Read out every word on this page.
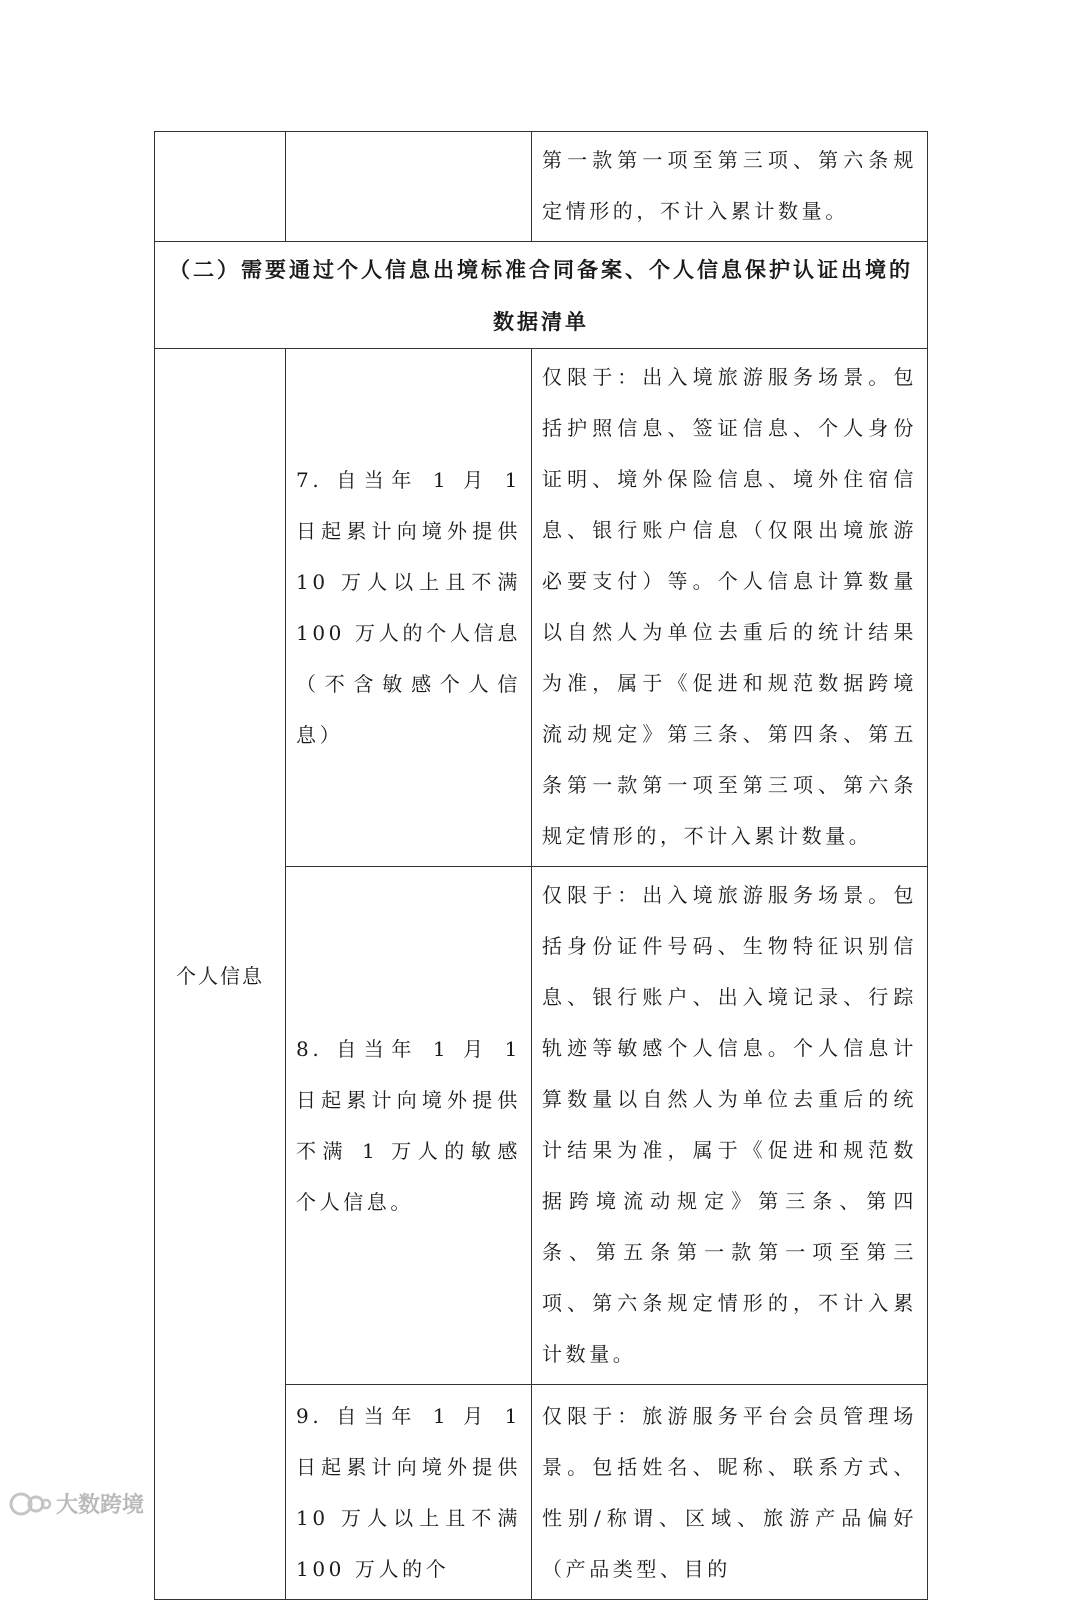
		第一款第一项至第三项、第六条规定情形的，不计入累计数量。

（二）需要通过个人信息出境标准合同备案、个人信息保护认证出境的数据清单		

个人信息	7. 自当年 1 月 1 日起累计向境外提供 10 万人以上且不满 100 万人的个人信息（不含敏感个人信息）	仅限于：出入境旅游服务场景。包括护照信息、签证信息、个人身份证明、境外保险信息、境外住宿信息、银行账户信息（仅限出境旅游必要支付）等。个人信息计算数量以自然人为单位去重后的统计结果为准，属于《促进和规范数据跨境流动规定》第三条、第四条、第五条第一款第一项至第三项、第六条规定情形的，不计入累计数量。

	8. 自当年 1 月 1 日起累计向境外提供不满 1 万人的敏感个人信息。	仅限于：出入境旅游服务场景。包括身份证件号码、生物特征识别信息、银行账户、出入境记录、行踪轨迹等敏感个人信息。个人信息计算数量以自然人为单位去重后的统计结果为准，属于《促进和规范数据跨境流动规定》第三条、第四条、第五条第一款第一项至第三项、第六条规定情形的，不计入累计数量。

	9. 自当年 1 月 1 日起累计向境外提供 10 万人以上且不满 100 万人的个	仅限于：旅游服务平台会员管理场景。包括姓名、昵称、联系方式、性别/称谓、区域、旅游产品偏好（产品类型、目的
大数跨境
